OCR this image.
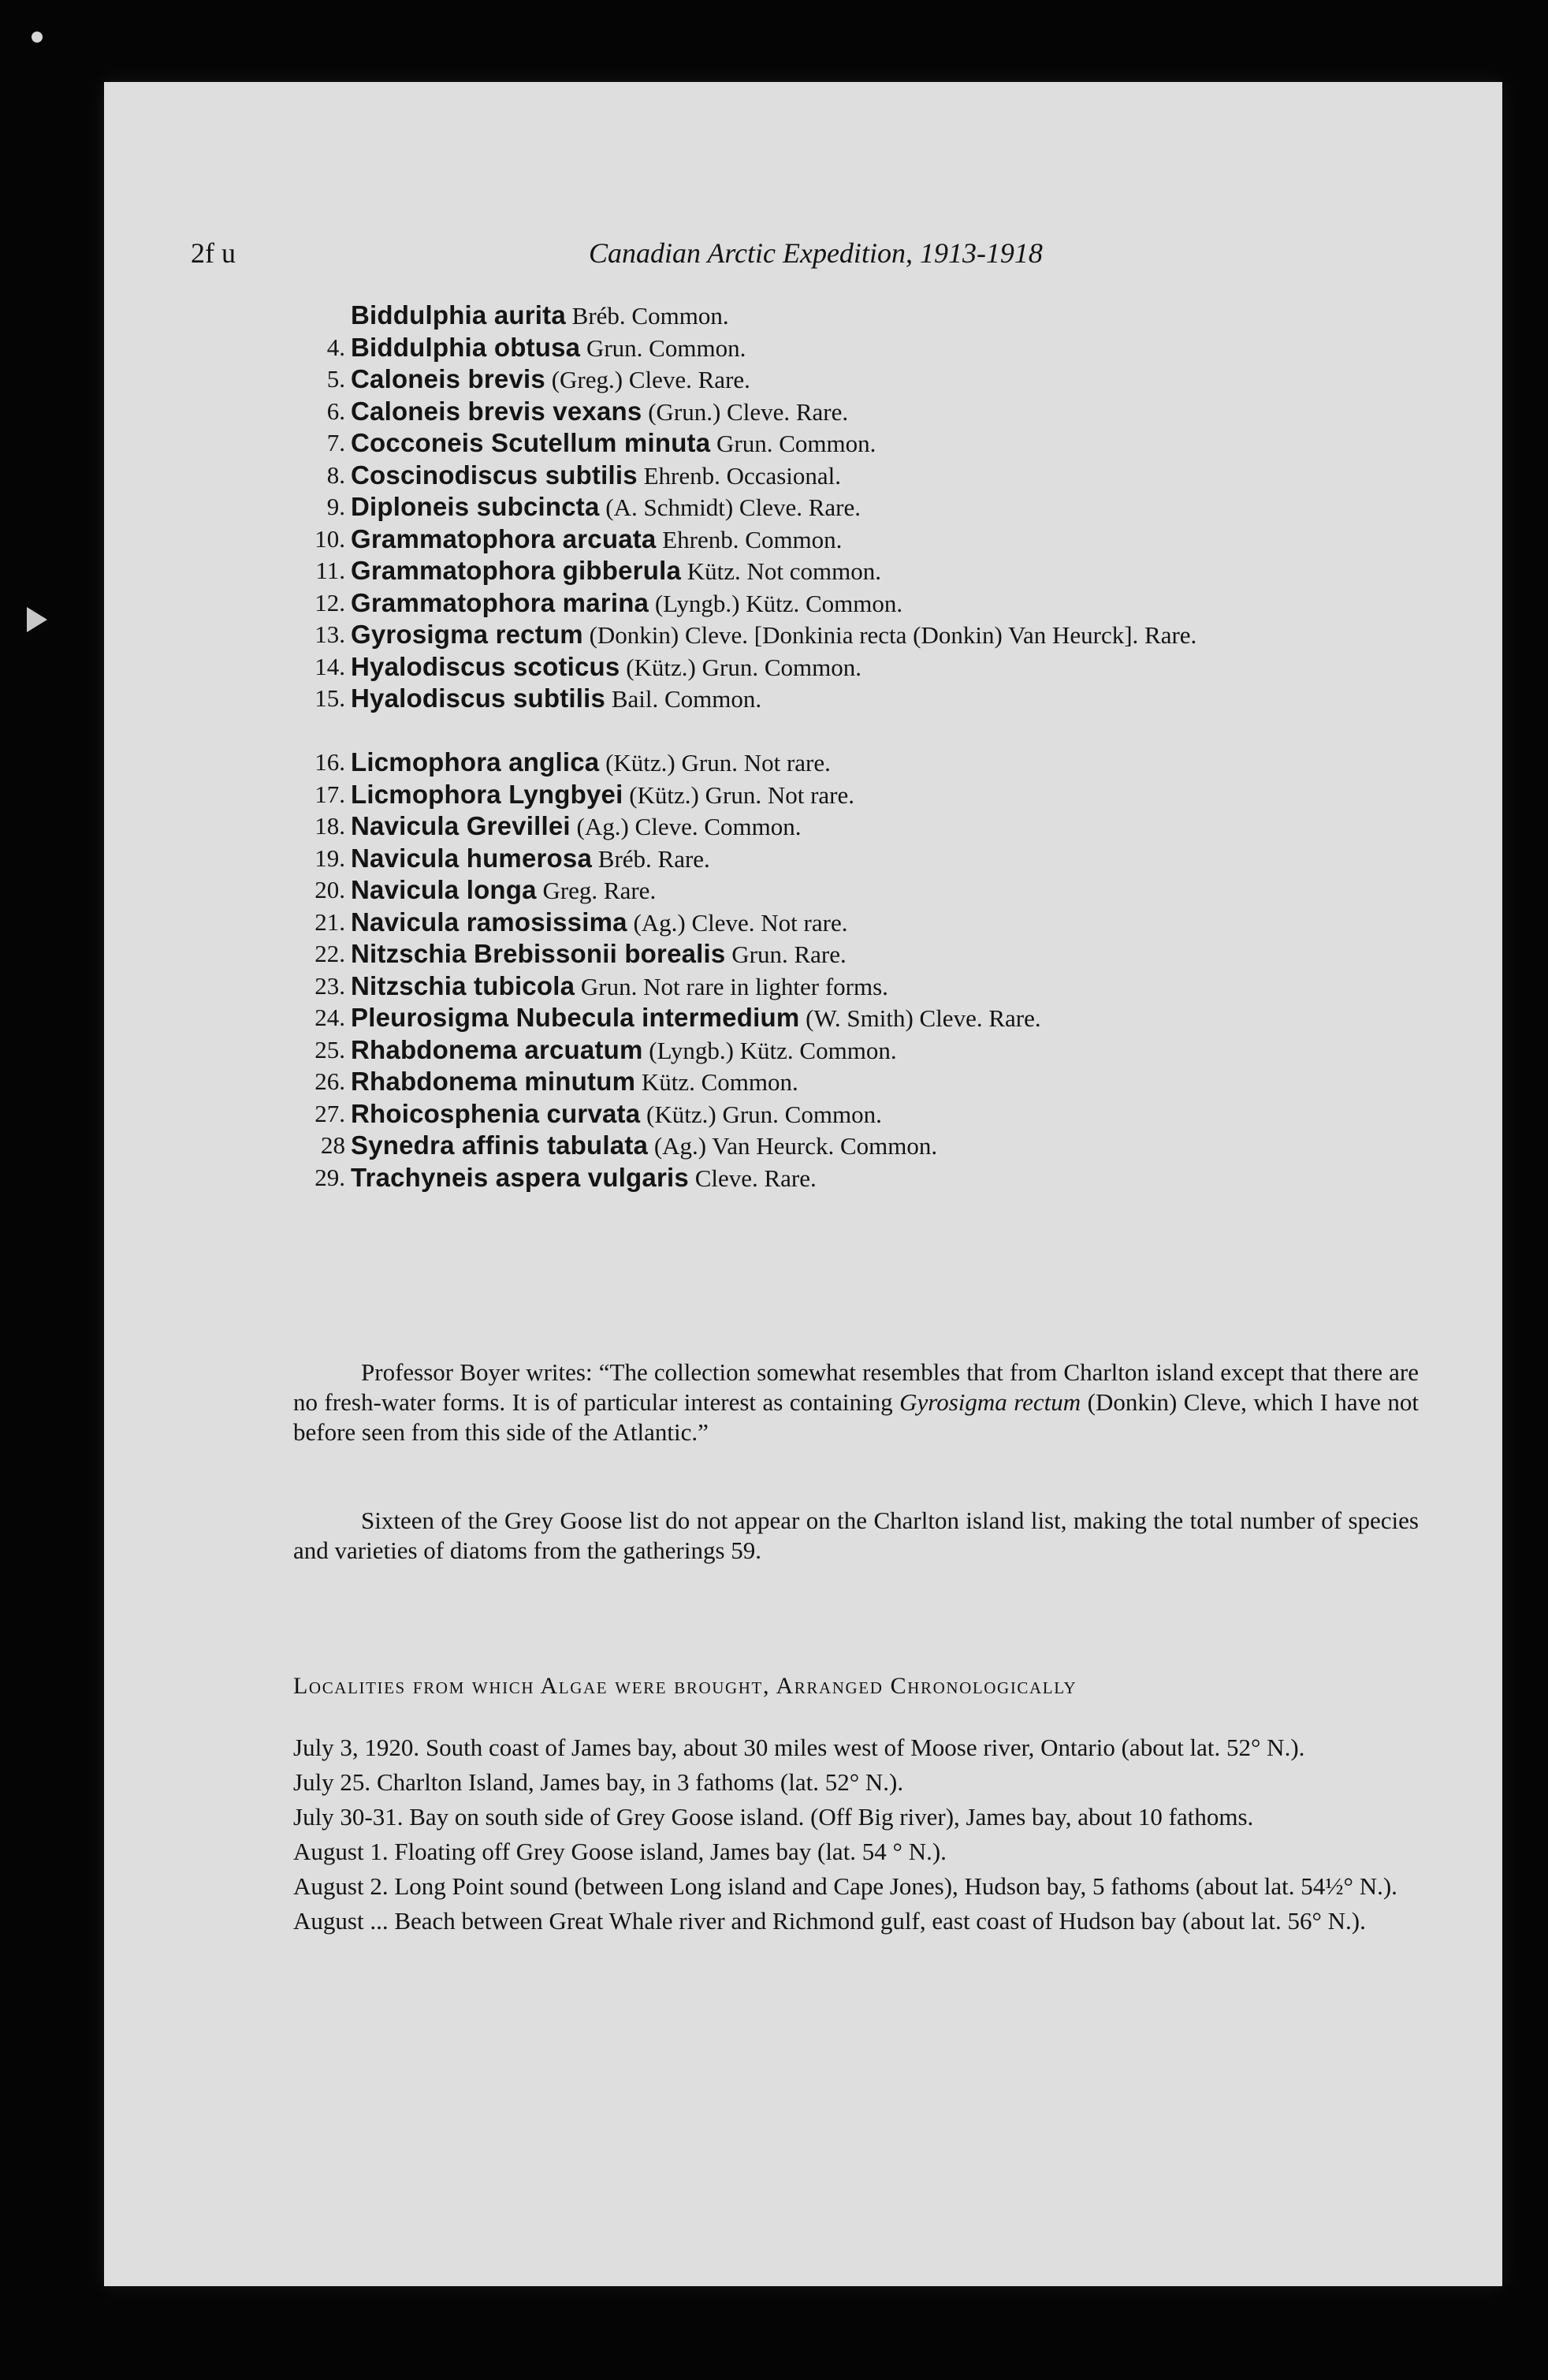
2f u	Canadian Arctic Expedition, 1913-1918
Biddulphia aurita Bréb. Common.
4. Biddulphia obtusa Grun. Common.
5. Caloneis brevis (Greg.) Cleve. Rare.
6. Caloneis brevis vexans (Grun.) Cleve. Rare.
7. Cocconeis Scutellum minuta Grun. Common.
8. Coscinodiscus subtilis Ehrenb. Occasional.
9. Diploneis subcincta (A. Schmidt) Cleve. Rare.
10. Grammatophora arcuata Ehrenb. Common.
11. Grammatophora gibberula Kütz. Not common.
12. Grammatophora marina (Lyngb.) Kütz. Common.
13. Gyrosigma rectum (Donkin) Cleve. [Donkinia recta (Donkin) Van Heurck]. Rare.
14. Hyalodiscus scoticus (Kütz.) Grun. Common.
15. Hyalodiscus subtilis Bail. Common.
16. Licmophora anglica (Kütz.) Grun. Not rare.
17. Licmophora Lyngbyei (Kütz.) Grun. Not rare.
18. Navicula Grevillei (Ag.) Cleve. Common.
19. Navicula humerosa Bréb. Rare.
20. Navicula longa Greg. Rare.
21. Navicula ramosissima (Ag.) Cleve. Not rare.
22. Nitzschia Brebissonii borealis Grun. Rare.
23. Nitzschia tubicola Grun. Not rare in lighter forms.
24. Pleurosigma Nubecula intermedium (W. Smith) Cleve. Rare.
25. Rhabdonema arcuatum (Lyngb.) Kütz. Common.
26. Rhabdonema minutum Kütz. Common.
27. Rhoicosphenia curvata (Kütz.) Grun. Common.
28 Synedra affinis tabulata (Ag.) Van Heurck. Common.
29. Trachyneis aspera vulgaris Cleve. Rare.

Professor Boyer writes: “The collection somewhat resembles that from Charlton island except that there are no fresh-water forms. It is of particular interest as containing Gyrosigma rectum (Donkin) Cleve, which I have not before seen from this side of the Atlantic.”

Sixteen of the Grey Goose list do not appear on the Charlton island list, making the total number of species and varieties of diatoms from the gatherings 59.

Localities from which Algae were brought, Arranged Chronologically
July 3, 1920. South coast of James bay, about 30 miles west of Moose river, Ontario (about lat. 52° N.).
July 25. Charlton Island, James bay, in 3 fathoms (lat. 52° N.).
July 30-31. Bay on south side of Grey Goose island. (Off Big river), James bay, about 10 fathoms.
August 1. Floating off Grey Goose island, James bay (lat. 54 ° N.).
August 2. Long Point sound (between Long island and Cape Jones), Hudson bay, 5 fathoms (about lat. 54½° N.).
August ... Beach between Great Whale river and Richmond gulf, east coast of Hudson bay (about lat. 56° N.).
